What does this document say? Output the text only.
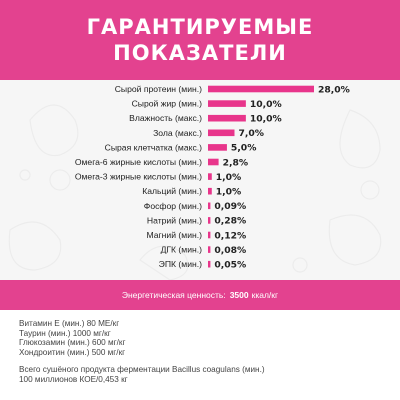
ГАРАНТИРУЕМЫЕ
ПОКАЗАТЕЛИ
Сырой протеин (мин.)	28,0%
Сырой жир (мин.)	10,0%
Влажность (макс.)	10,0%
Зола (макс.)	7,0%
Сырая клетчатка (макс.)	5,0%
Омега-6 жирные кислоты (мин.) 2,8%
Омега-3 жирные кислоты (мин.) 1,0%
Кальций (мин.) 1,0%
Фосфор (мин.) 0,09%
Натрий (мин.) 0,28%
Магний (мин.) 0,12%
ДГК (мин.) 0,08%
ЭПК (мин.) 0,05%
Энергетическая ценность: 3500 ккал/кг
Витамин Е (мин.) 80 МЕ/кг
Таурин (мин.) 1000 мг/кг
Глюкозамин (мин.) 600 мг/кг
Хондроитин (мин.) 500 мг/кг
Всего сушёного продукта ферментации Bacillus coagulans (мин.)
100 миллионов КОЕ/0,453 кг
